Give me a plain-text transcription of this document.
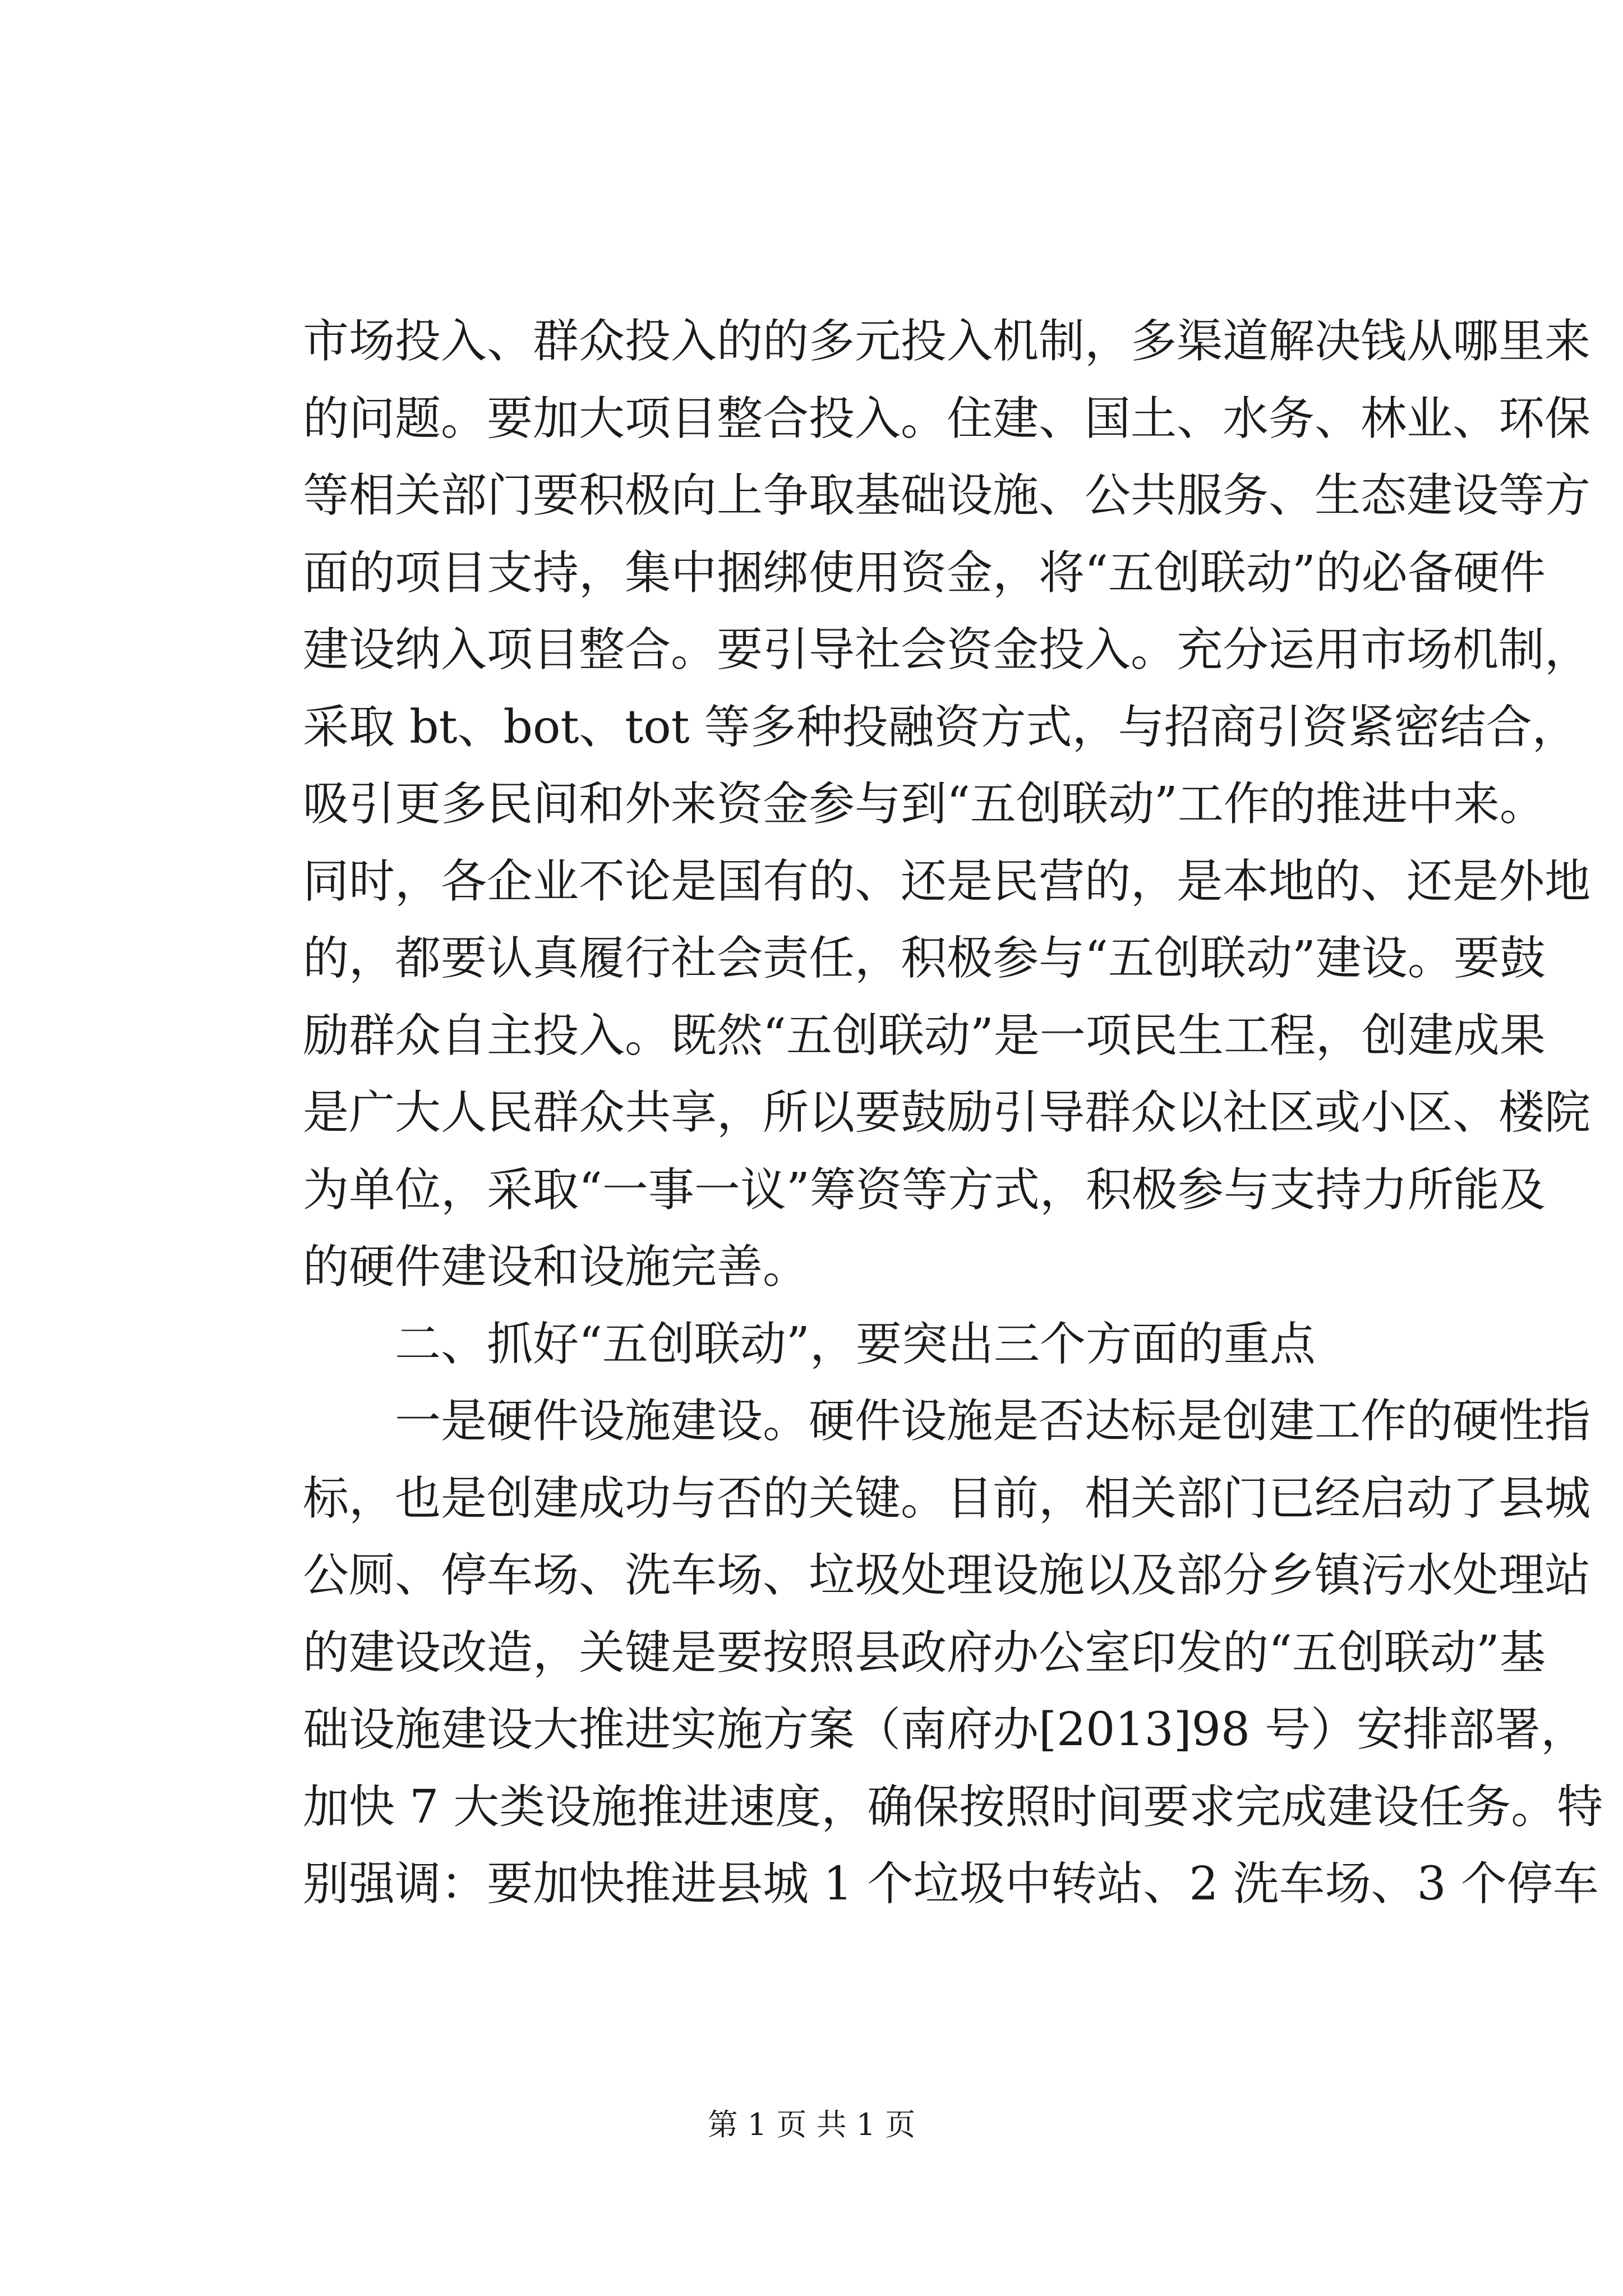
市场投入、群众投入的的多元投入机制，多渠道解决钱从哪里来
的问题。要加大项目整合投入。住建、国土、水务、林业、环保
等相关部门要积极向上争取基础设施、公共服务、生态建设等方
面的项目支持，集中捆绑使用资金，将“五创联动”的必备硬件
建设纳入项目整合。要引导社会资金投入。充分运用市场机制，
采取 bt、bot、tot 等多种投融资方式，与招商引资紧密结合，
吸引更多民间和外来资金参与到“五创联动”工作的推进中来。
同时，各企业不论是国有的、还是民营的，是本地的、还是外地
的，都要认真履行社会责任，积极参与“五创联动”建设。要鼓
励群众自主投入。既然“五创联动”是一项民生工程，创建成果
是广大人民群众共享，所以要鼓励引导群众以社区或小区、楼院
为单位，采取“一事一议”筹资等方式，积极参与支持力所能及
的硬件建设和设施完善。
　　二、抓好“五创联动”，要突出三个方面的重点
　　一是硬件设施建设。硬件设施是否达标是创建工作的硬性指
标，也是创建成功与否的关键。目前，相关部门已经启动了县城
公厕、停车场、洗车场、垃圾处理设施以及部分乡镇污水处理站
的建设改造，关键是要按照县政府办公室印发的“五创联动”基
础设施建设大推进实施方案（南府办[2013]98 号）安排部署，
加快 7 大类设施推进速度，确保按照时间要求完成建设任务。特
别强调：要加快推进县城 1 个垃圾中转站、2 洗车场、3 个停车
第 1 页 共 1 页
